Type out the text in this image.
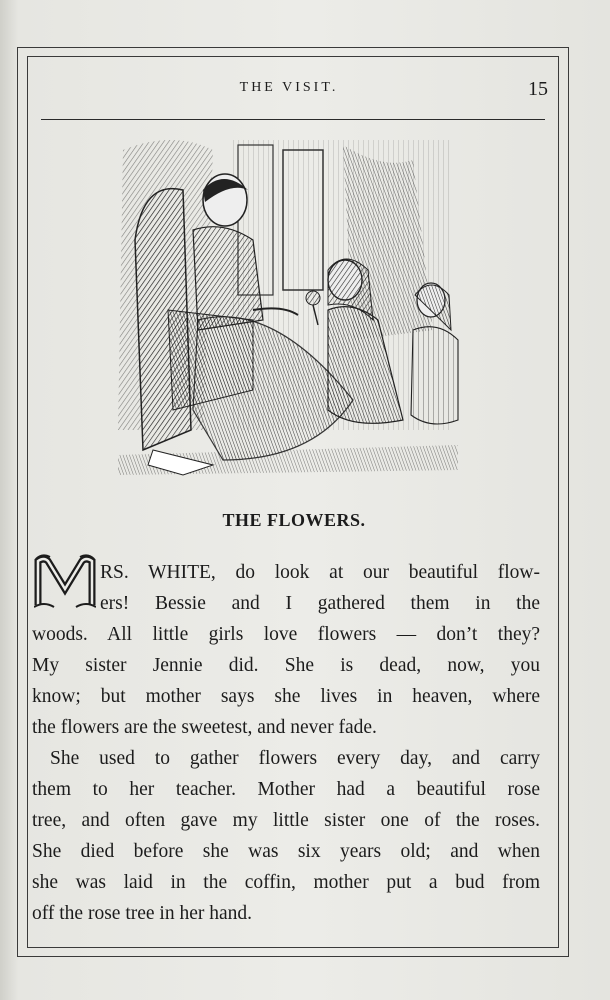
THE VISIT.	15
THE FLOWERS.
RS. WHITE, do look at our beautiful flow-
ers! Bessie and I gathered them in the
woods. All little girls love flowers — don’t they?
My sister Jennie did. She is dead, now, you
know; but mother says she lives in heaven, where
the flowers are the sweetest, and never fade.
She used to gather flowers every day, and carry
them to her teacher. Mother had a beautiful rose
tree, and often gave my little sister one of the roses.
She died before she was six years old; and when
she was laid in the coffin, mother put a bud from
off the rose tree in her hand.
